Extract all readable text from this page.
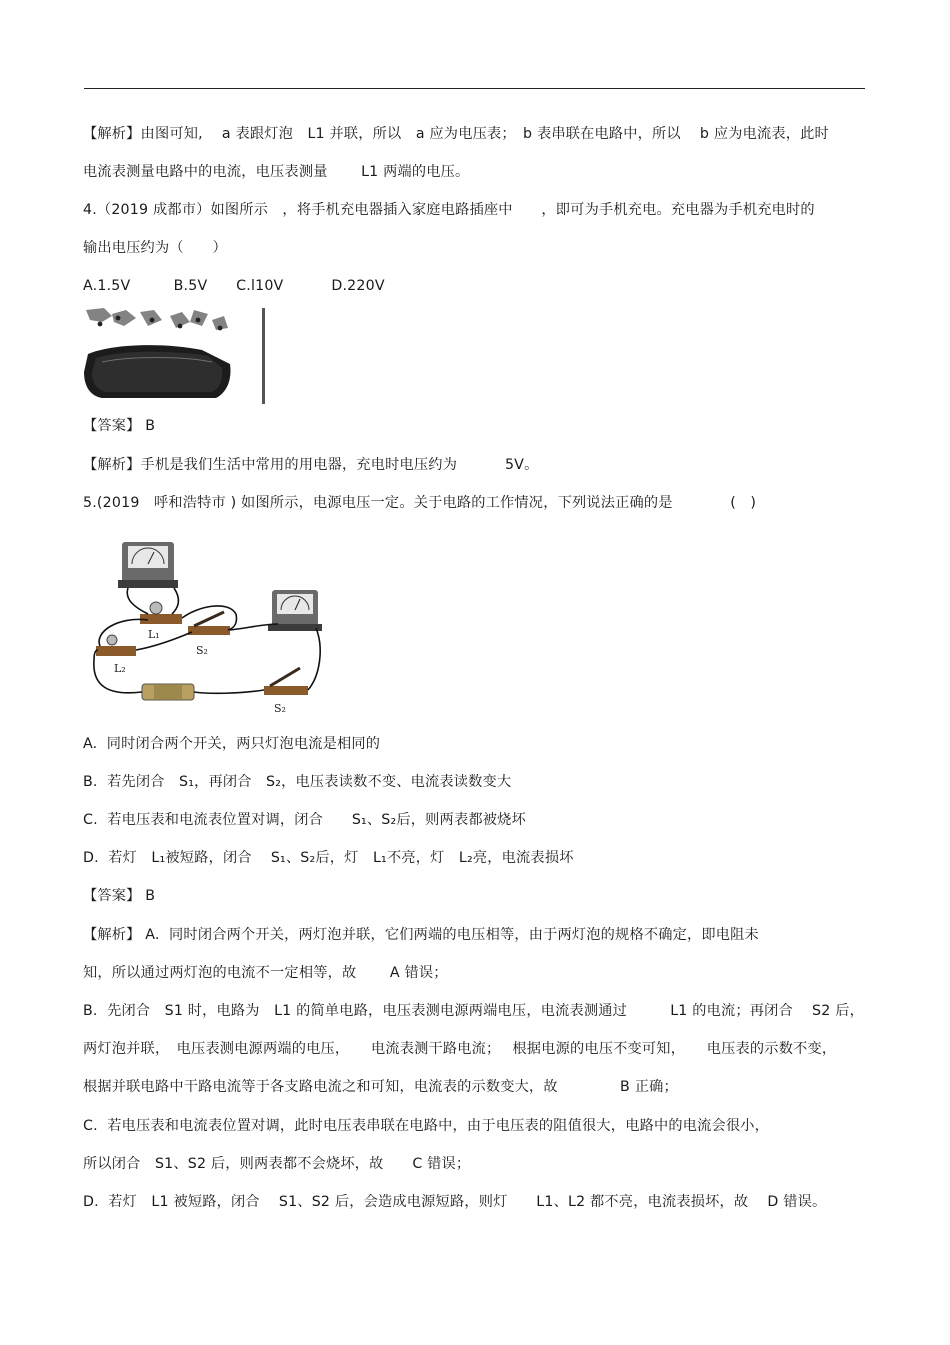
【解析】由图可知,　 a 表跟灯泡　L1 并联，所以　a 应为电压表；　b 表串联在电路中，所以　 b 应为电流表，此时
电流表测量电路中的电流，电压表测量　　 L1 两端的电压。
4.（2019 成都市）如图所示　，将手机充电器插入家庭电路插座中　　，即可为手机充电。充电器为手机充电时的
输出电压约为（　　）
A.1.5V　　　B.5V　　C.l10V　　　 D.220V
【答案】 B
【解析】手机是我们生活中常用的用电器，充电时电压约为　　　 5V。
5.(2019　呼和浩特市 ) 如图所示，电源电压一定。关于电路的工作情况，下列说法正确的是　　　　(　)
L₁
L₂
S₂
S₂
A.  同时闭合两个开关，两只灯泡电流是相同的
B.  若先闭合　S₁，再闭合　S₂，电压表读数不变、电流表读数变大
C.  若电压表和电流表位置对调，闭合　　S₁、S₂后，则两表都被烧坏
D.  若灯　L₁被短路，闭合　 S₁、S₂后，灯　L₁不亮，灯　L₂亮，电流表损坏
【答案】 B
【解析】 A.  同时闭合两个开关，两灯泡并联，它们两端的电压相等，由于两灯泡的规格不确定，即电阻未
知，所以通过两灯泡的电流不一定相等，故　　 A 错误；
B.  先闭合　S1 时，电路为　L1 的简单电路，电压表测电源两端电压，电流表测通过　　　L1 的电流；再闭合　 S2 后，
两灯泡并联，　电压表测电源两端的电压，　　电流表测干路电流；　 根据电源的电压不变可知，　　电压表的示数不变，
根据并联电路中干路电流等于各支路电流之和可知，电流表的示数变大，故　　　　 B 正确；
C.  若电压表和电流表位置对调，此时电压表串联在电路中，由于电压表的阻值很大，电路中的电流会很小，
所以闭合　S1、S2 后，则两表都不会烧坏，故　　C 错误；
D.  若灯　L1 被短路，闭合　 S1、S2 后，会造成电源短路，则灯　　L1、L2 都不亮，电流表损坏，故　 D 错误。
